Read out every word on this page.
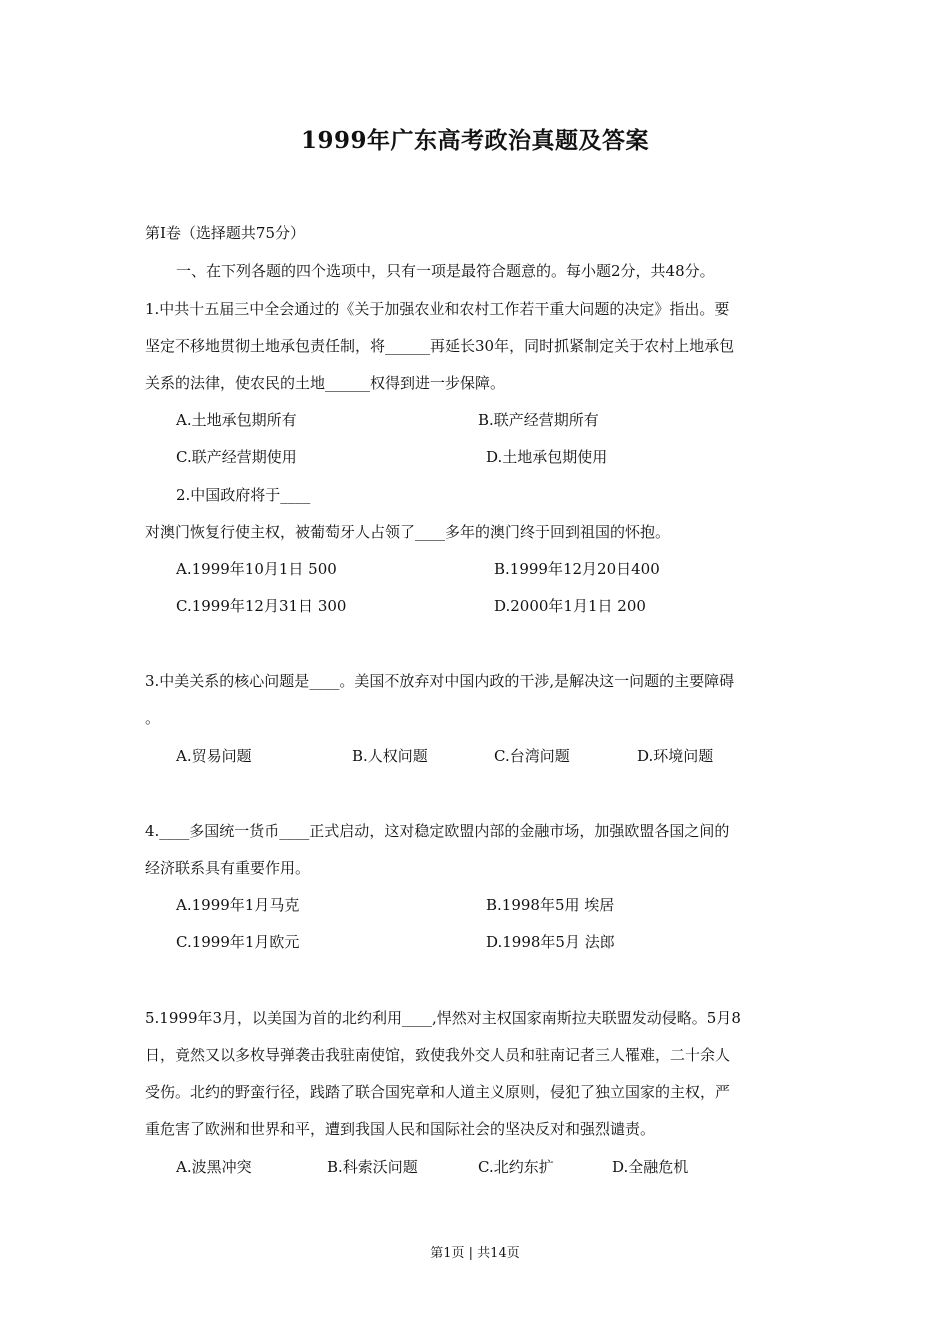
1999年广东高考政治真题及答案
第Ⅰ卷（选择题共75分）
一、在下列各题的四个选项中，只有一项是最符合题意的。每小题2分，共48分。
1.中共十五届三中全会通过的《关于加强农业和农村工作若干重大问题的决定》指出。要
坚定不移地贯彻土地承包责任制，将______再延长30年，同时抓紧制定关于农村上地承包
关系的法律，使农民的土地______权得到进一步保障。
A.土地承包期所有	B.联产经营期所有
C.联产经营期使用	D.土地承包期使用
2.中国政府将于____
对澳门恢复行使主权，被葡萄牙人占领了____多年的澳门终于回到祖国的怀抱。
A.1999年10月1日 500	B.1999年12月20日400
C.1999年12月31日 300	D.2000年1月1日 200
3.中美关系的核心问题是____。美国不放弃对中国内政的干涉,是解决这一问题的主要障碍
。
A.贸易问题	B.人权问题	C.台湾问题	D.环境问题
4.____多国统一货币____正式启动，这对稳定欧盟内部的金融市场，加强欧盟各国之间的
经济联系具有重要作用。
A.1999年1月马克	B.1998年5用 埃居
C.1999年1月欧元	D.1998年5月 法郎
5.1999年3月，以美国为首的北约利用____,悍然对主权国家南斯拉夫联盟发动侵略。5月8
日，竟然又以多枚导弹袭击我驻南使馆，致使我外交人员和驻南记者三人罹难，二十余人
受伤。北约的野蛮行径，践踏了联合国宪章和人道主义原则，侵犯了独立国家的主权，严
重危害了欧洲和世界和平，遭到我国人民和国际社会的坚决反对和强烈谴责。
A.波黑冲突	B.科索沃问题	C.北约东扩	D.全融危机
第1页 | 共14页
